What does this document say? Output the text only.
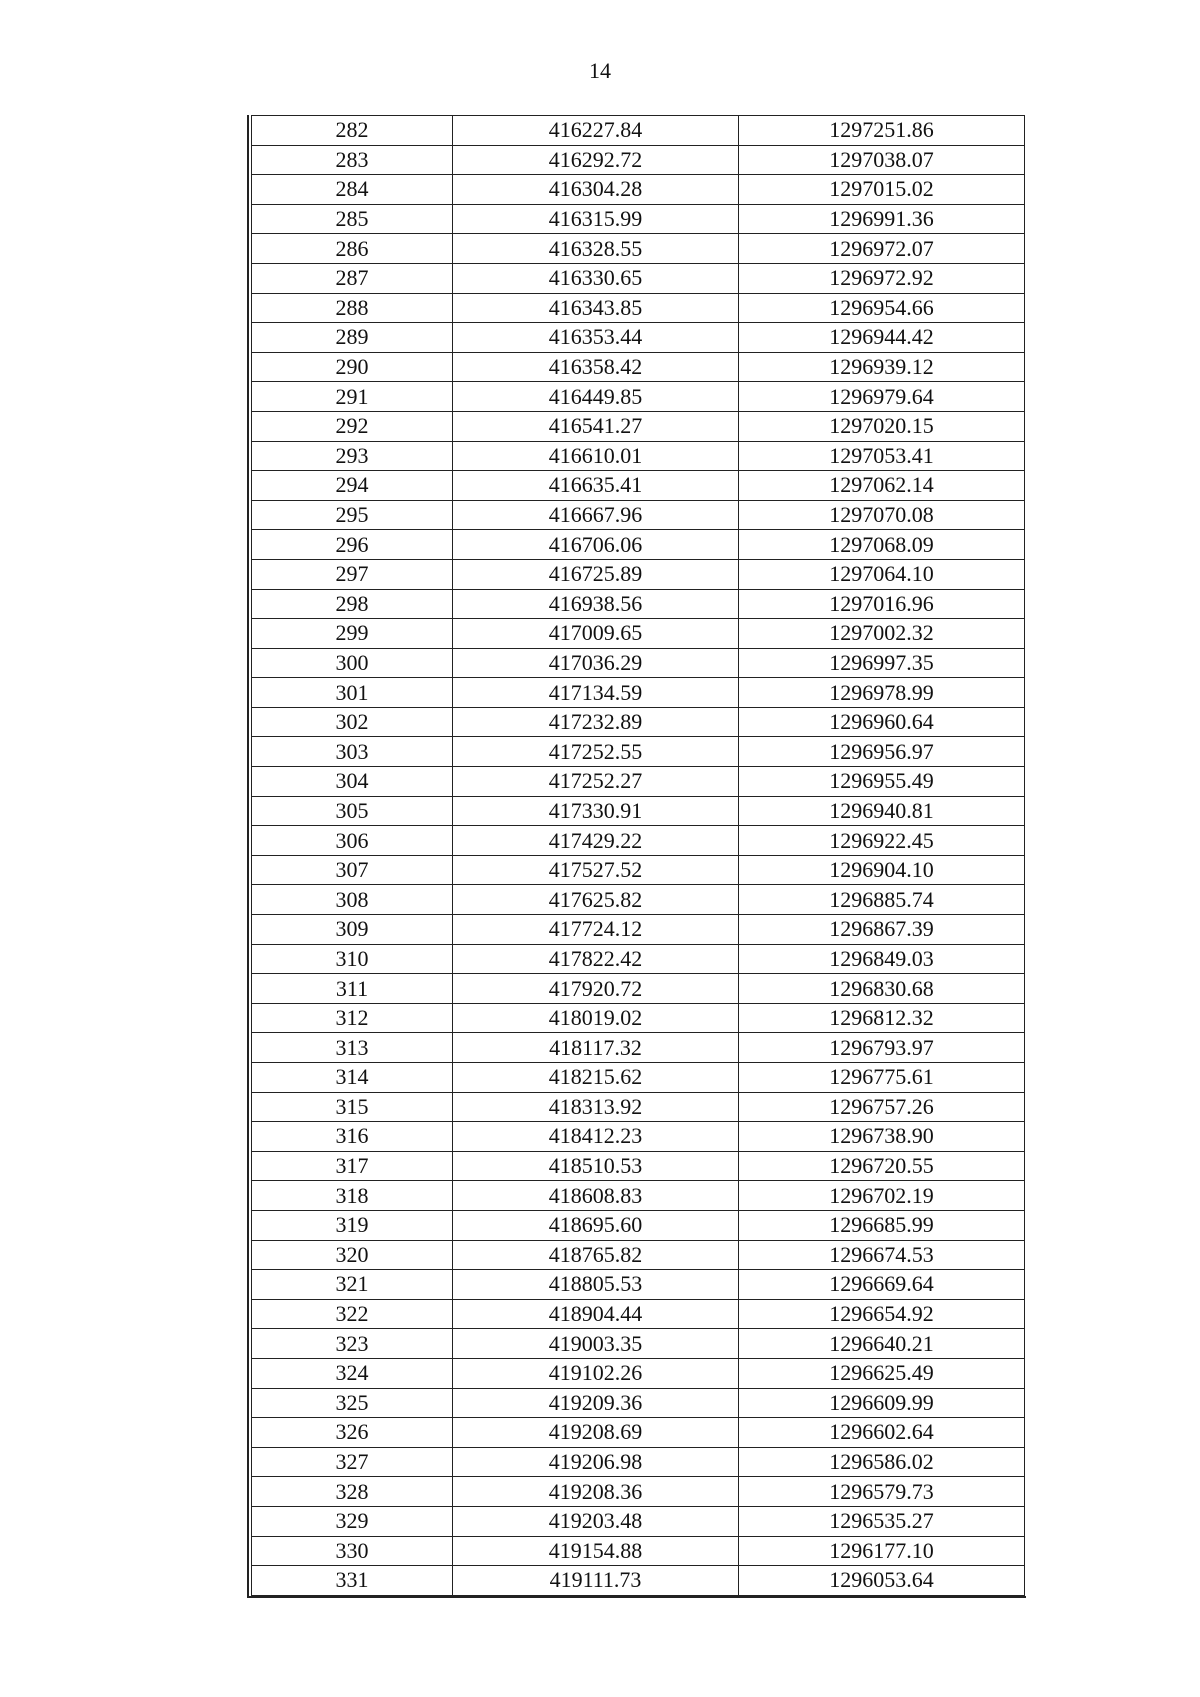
14
282	416227.84	1297251.86
283	416292.72	1297038.07
284	416304.28	1297015.02
285	416315.99	1296991.36
286	416328.55	1296972.07
287	416330.65	1296972.92
288	416343.85	1296954.66
289	416353.44	1296944.42
290	416358.42	1296939.12
291	416449.85	1296979.64
292	416541.27	1297020.15
293	416610.01	1297053.41
294	416635.41	1297062.14
295	416667.96	1297070.08
296	416706.06	1297068.09
297	416725.89	1297064.10
298	416938.56	1297016.96
299	417009.65	1297002.32
300	417036.29	1296997.35
301	417134.59	1296978.99
302	417232.89	1296960.64
303	417252.55	1296956.97
304	417252.27	1296955.49
305	417330.91	1296940.81
306	417429.22	1296922.45
307	417527.52	1296904.10
308	417625.82	1296885.74
309	417724.12	1296867.39
310	417822.42	1296849.03
311	417920.72	1296830.68
312	418019.02	1296812.32
313	418117.32	1296793.97
314	418215.62	1296775.61
315	418313.92	1296757.26
316	418412.23	1296738.90
317	418510.53	1296720.55
318	418608.83	1296702.19
319	418695.60	1296685.99
320	418765.82	1296674.53
321	418805.53	1296669.64
322	418904.44	1296654.92
323	419003.35	1296640.21
324	419102.26	1296625.49
325	419209.36	1296609.99
326	419208.69	1296602.64
327	419206.98	1296586.02
328	419208.36	1296579.73
329	419203.48	1296535.27
330	419154.88	1296177.10
331	419111.73	1296053.64
